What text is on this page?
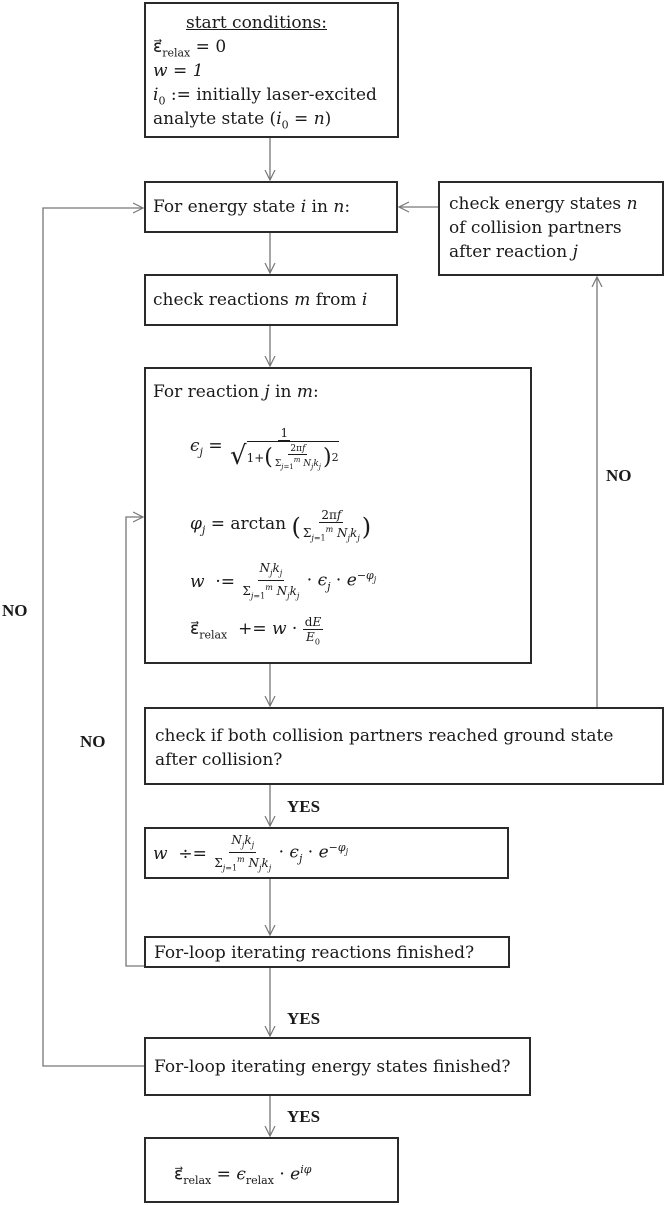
start conditions:
$\varepsilon⃗_{relax} = 0$
w = 1
$i_0$ := initially laser-excited
analyte state $(i_0 = n)$
For energy state i in n:	check energy states n
of collision partners
after reaction j
check reactions m from i
For reaction j in m:
$\epsilon_j$ =
1
√ 1+ ( $\frac{2\pi f}{\Sigma_{j=1}^m N_jk_j}$ ) 2
$\varphi_j = \arctan$ ( $\frac{2\pi f}{\Sigma_{j=1}^m N_jk_j}$ )
$w \cdot= \frac{N_jk_j}{\Sigma_{j=1}^m N_jk_j} \cdot \epsilon_j \cdot e^{-\varphi_j}$
$\varepsilon⃗_{relax} += w \cdot \frac{dE}{E_0}$
check if both collision partners reached ground state
after collision?
$w \div= \frac{N_jk_j}{\Sigma_{j=1}^m N_jk_j} \cdot \epsilon_j \cdot e^{-\varphi_j}$
For-loop iterating reactions finished?
For-loop iterating energy states finished?
$\varepsilon⃗_{relax} = \epsilon_{relax} \cdot e^{i\varphi}$
NO
NO
NO
YES
YES
YES
